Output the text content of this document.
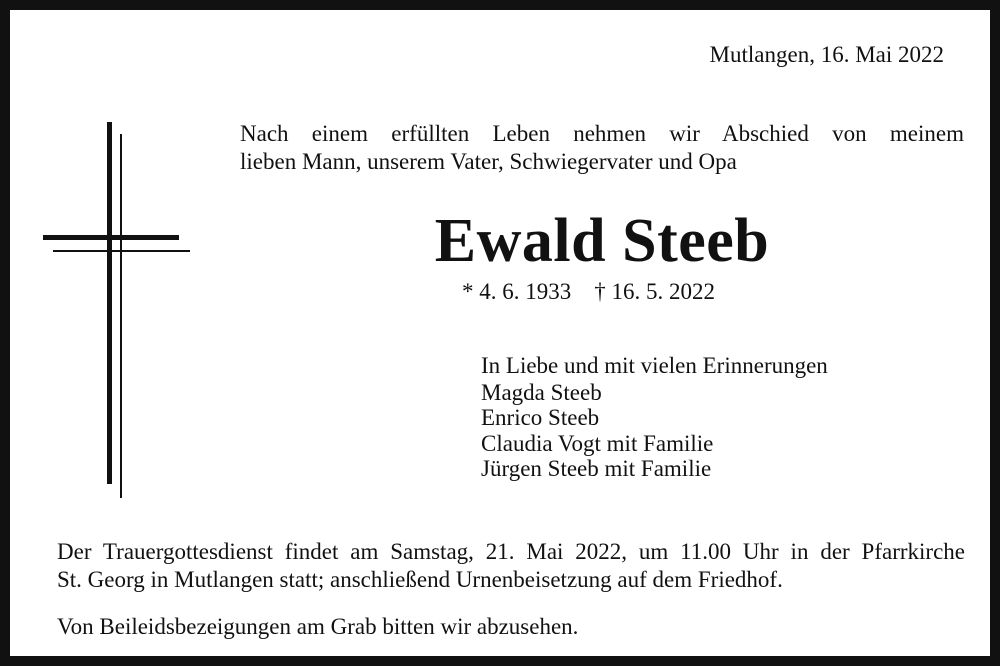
Mutlangen, 16. Mai 2022
Nach einem erfüllten Leben nehmen wir Abschied von meinem
lieben Mann, unserem Vater, Schwiegervater und Opa
Ewald Steeb
* 4. 6. 1933    † 16. 5. 2022
In Liebe und mit vielen Erinnerungen
Magda Steeb
Enrico Steeb
Claudia Vogt mit Familie
Jürgen Steeb mit Familie
Der Trauergottesdienst findet am Samstag, 21. Mai 2022, um 11.00 Uhr in der Pfarrkirche
St. Georg in Mutlangen statt; anschließend Urnenbeisetzung auf dem Friedhof.
Von Beileidsbezeigungen am Grab bitten wir abzusehen.
